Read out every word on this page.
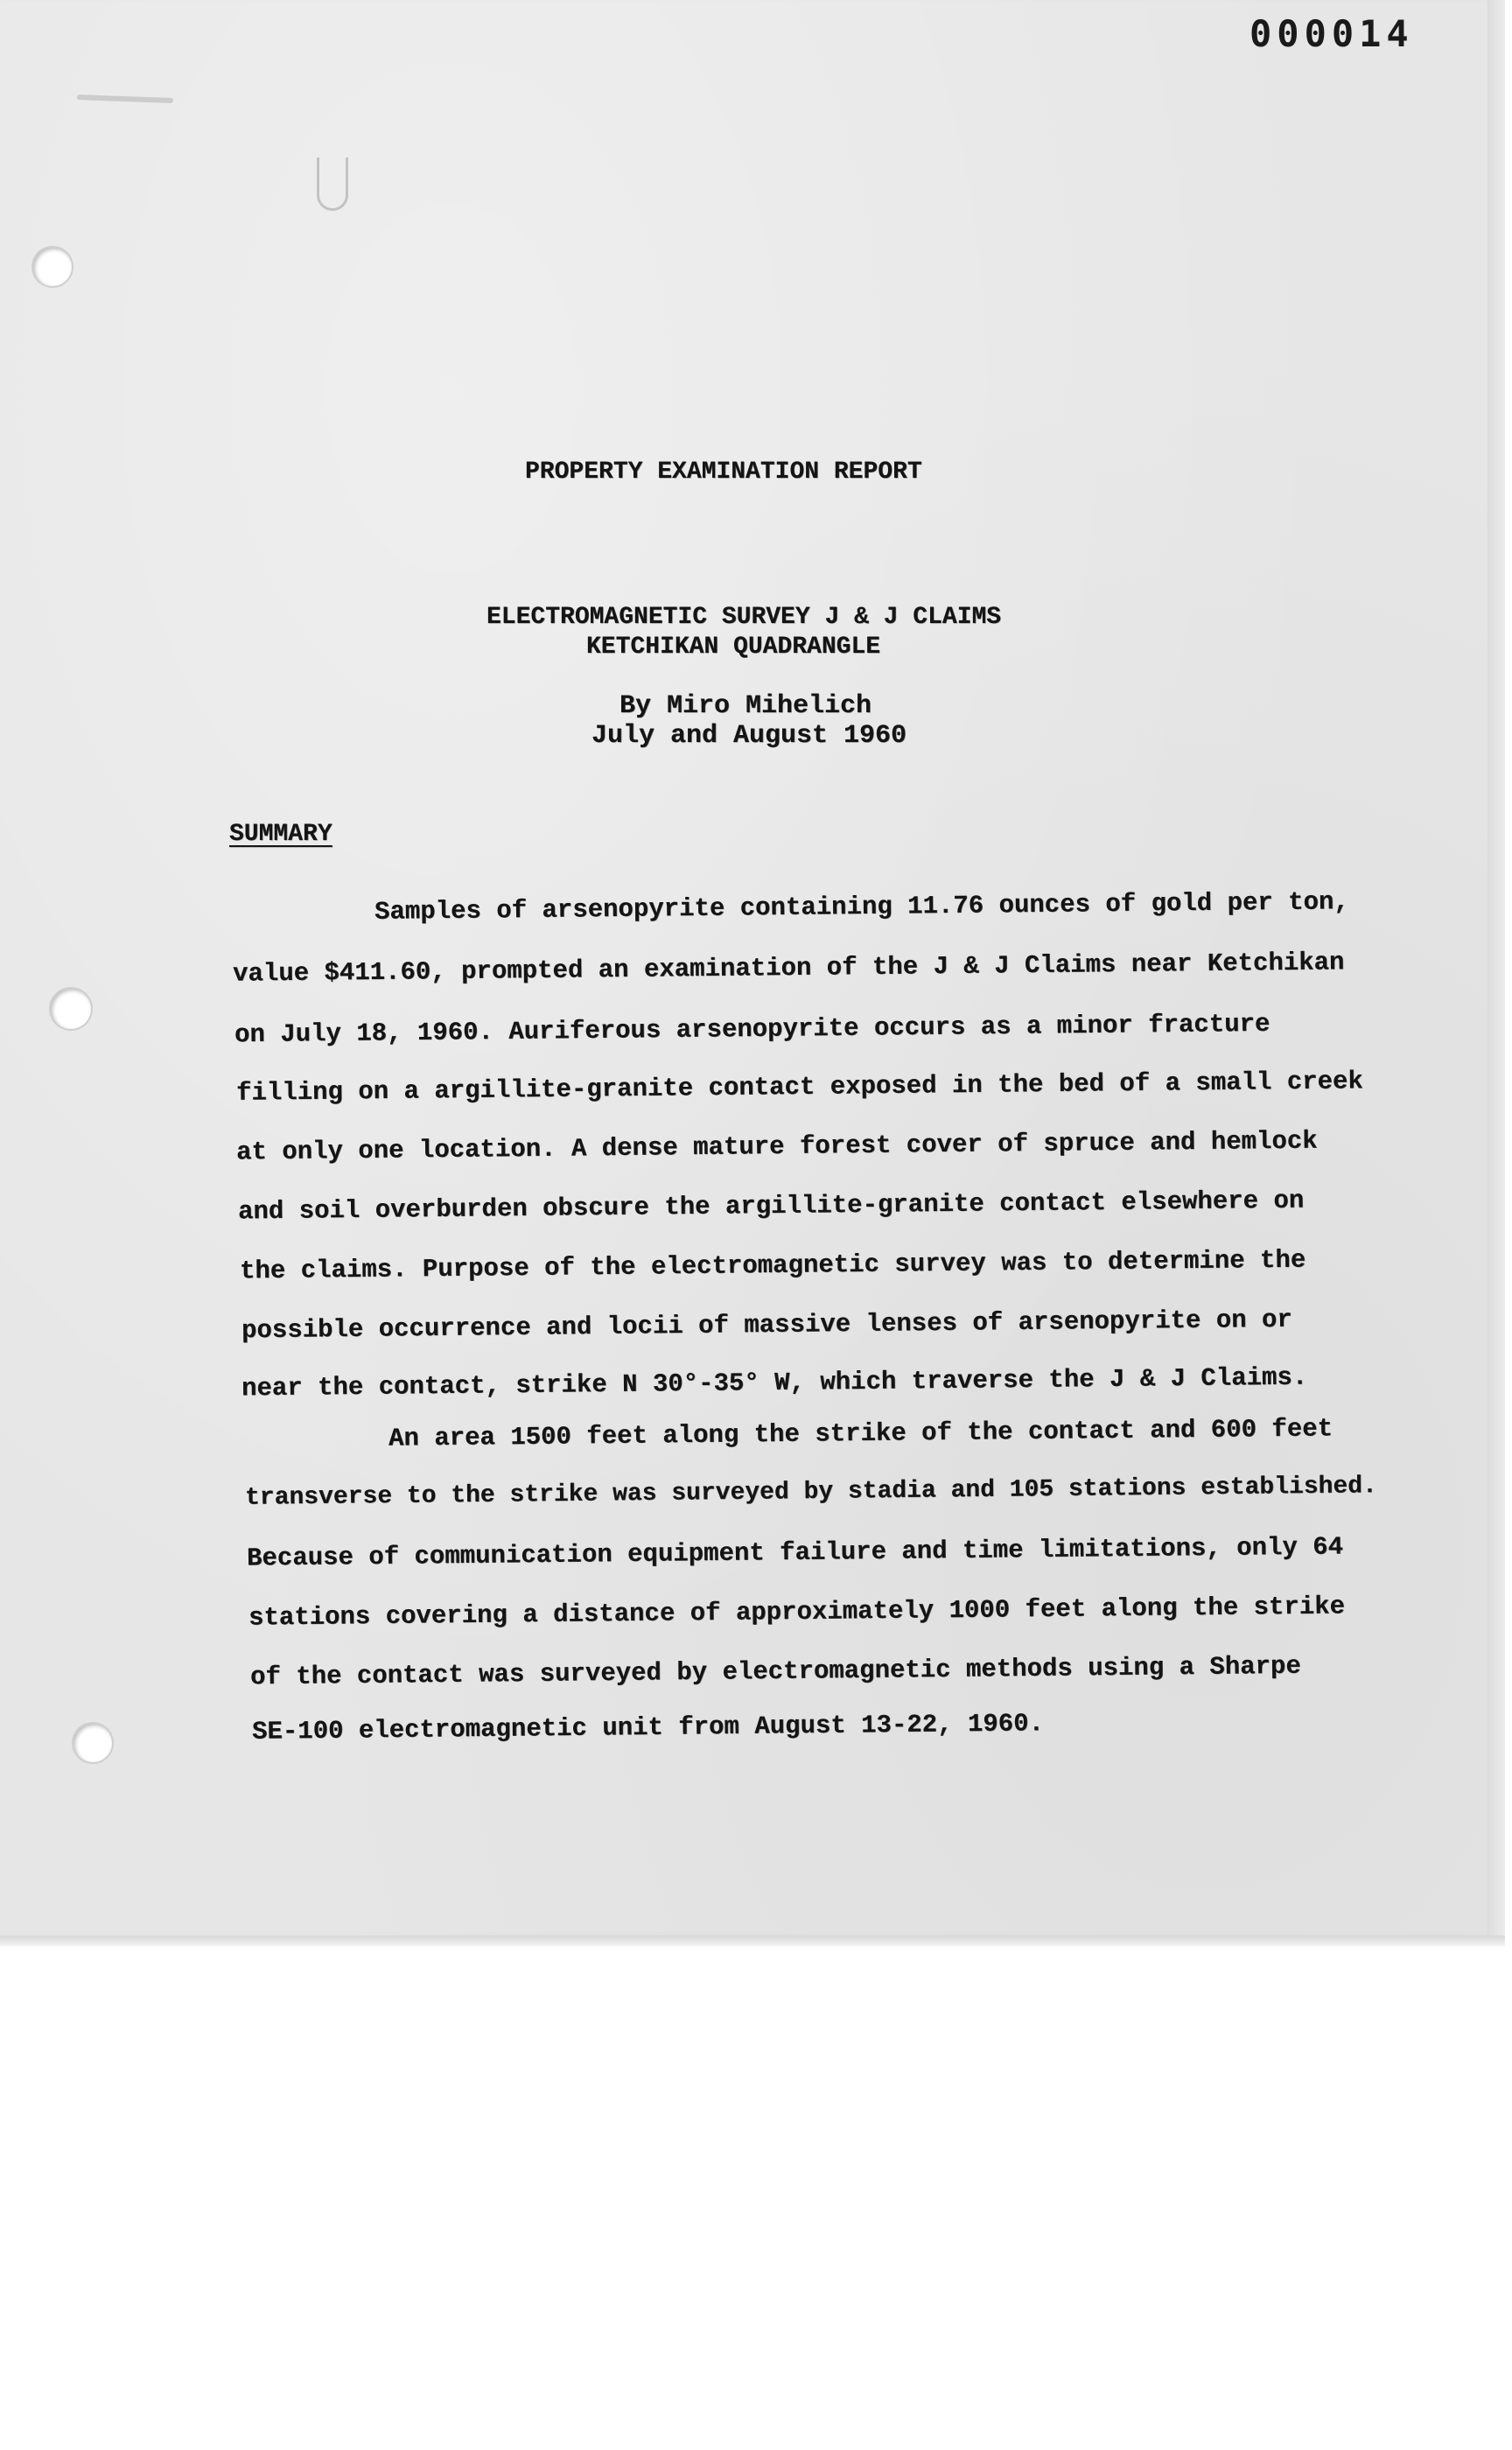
000014
PROPERTY EXAMINATION REPORT
ELECTROMAGNETIC SURVEY J & J CLAIMS
KETCHIKAN QUADRANGLE
By Miro Mihelich
July and August 1960
SUMMARY
Samples of arsenopyrite containing 11.76 ounces of gold per ton,
value $411.60, prompted an examination of the J & J Claims near Ketchikan
on July 18, 1960. Auriferous arsenopyrite occurs as a minor fracture
filling on a argillite-granite contact exposed in the bed of a small creek
at only one location. A dense mature forest cover of spruce and hemlock
and soil overburden obscure the argillite-granite contact elsewhere on
the claims. Purpose of the electromagnetic survey was to determine the
possible occurrence and locii of massive lenses of arsenopyrite on or
near the contact, strike N 30°-35° W, which traverse the J & J Claims.
An area 1500 feet along the strike of the contact and 600 feet
transverse to the strike was surveyed by stadia and 105 stations established.
Because of communication equipment failure and time limitations, only 64
stations covering a distance of approximately 1000 feet along the strike
of the contact was surveyed by electromagnetic methods using a Sharpe
SE-100 electromagnetic unit from August 13-22, 1960.
